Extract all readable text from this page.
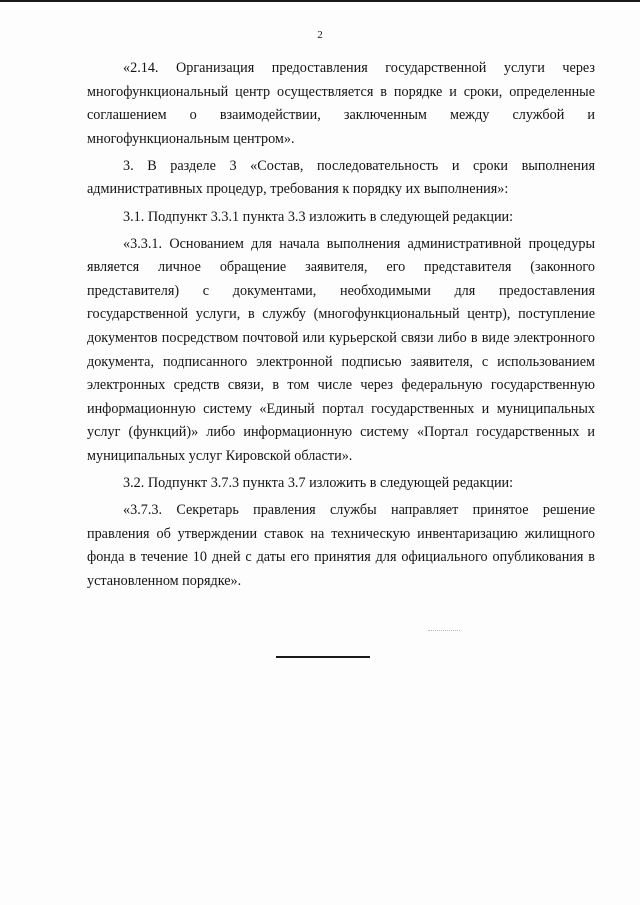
2

«2.14. Организация предоставления государственной услуги через многофункциональный центр осуществляется в порядке и сроки, определенные соглашением о взаимодействии, заключенным между службой и многофункциональным центром».

3. В разделе 3 «Состав, последовательность и сроки выполнения административных процедур, требования к порядку их выполнения»:

3.1. Подпункт 3.3.1 пункта 3.3 изложить в следующей редакции:

«3.3.1. Основанием для начала выполнения административной процедуры является личное обращение заявителя, его представителя (законного представителя) с документами, необходимыми для предоставления государственной услуги, в службу (многофункциональный центр), поступление документов посредством почтовой или курьерской связи либо в виде электронного документа, подписанного электронной подписью заявителя, с использованием электронных средств связи, в том числе через федеральную государственную информационную систему «Единый портал государственных и муниципальных услуг (функций)» либо информационную систему «Портал государственных и муниципальных услуг Кировской области».

3.2. Подпункт 3.7.3 пункта 3.7 изложить в следующей редакции:

«3.7.3. Секретарь правления службы направляет принятое решение правления об утверждении ставок на техническую инвентаризацию жилищного фонда в течение 10 дней с даты его принятия для официального опубликования в установленном порядке».
